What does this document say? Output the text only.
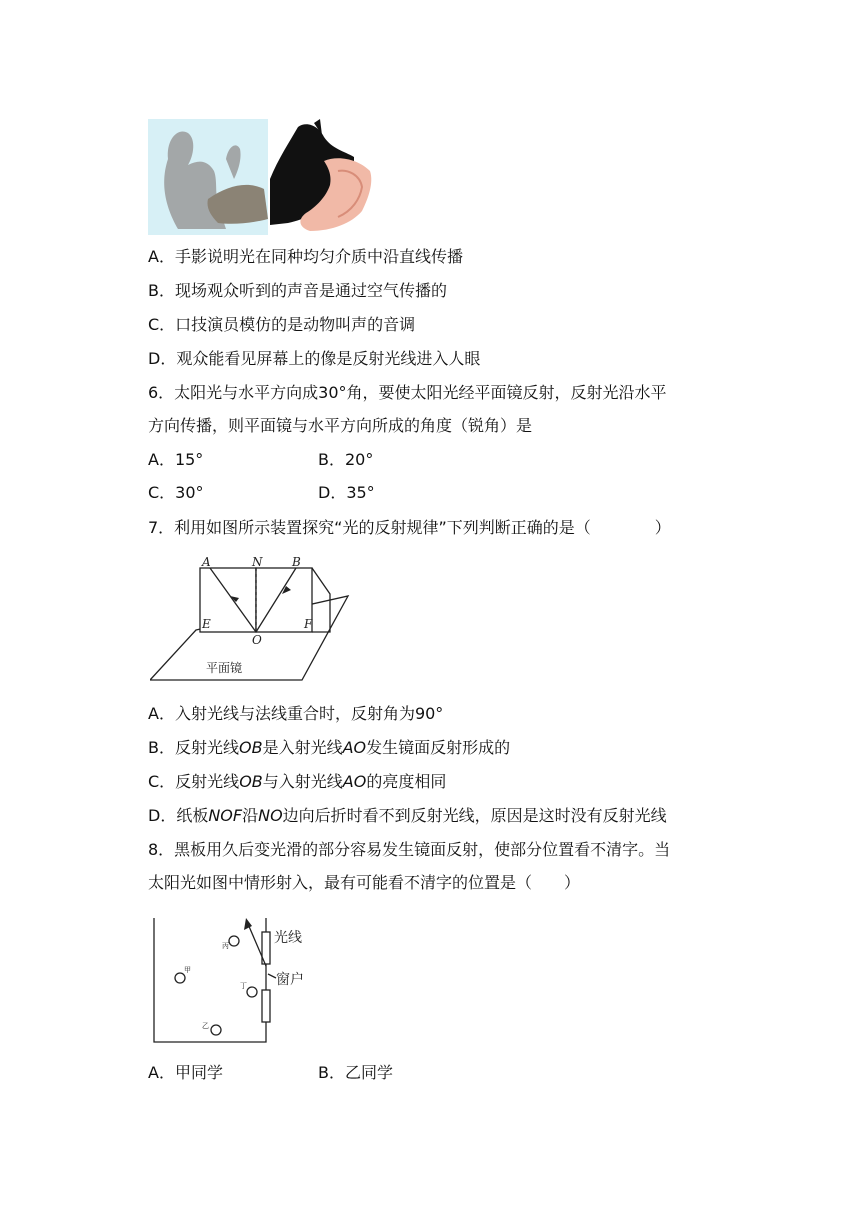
A．手影说明光在同种均匀介质中沿直线传播
B．现场观众听到的声音是通过空气传播的
C．口技演员模仿的是动物叫声的音调
D．观众能看见屏幕上的像是反射光线进入人眼
6．太阳光与水平方向成30°角，要使太阳光经平面镜反射，反射光沿水平
方向传播，则平面镜与水平方向所成的角度（锐角）是
A．15°	B．20°
C．30°	D．35°
7．利用如图所示装置探究“光的反射规律”下列判断正确的是（　　　　）
A	N B
E
O
F
平面镜
A．入射光线与法线重合时，反射角为90°
B．反射光线OB是入射光线AO发生镜面反射形成的
C．反射光线OB与入射光线AO的亮度相同
D．纸板NOF沿NO边向后折时看不到反射光线，原因是这时没有反射光线
8．黑板用久后变光滑的部分容易发生镜面反射，使部分位置看不清字。当
太阳光如图中情形射入，最有可能看不清字的位置是（　　）
光线
窗户
甲
丙
丁
乙
A．甲同学	B．乙同学
